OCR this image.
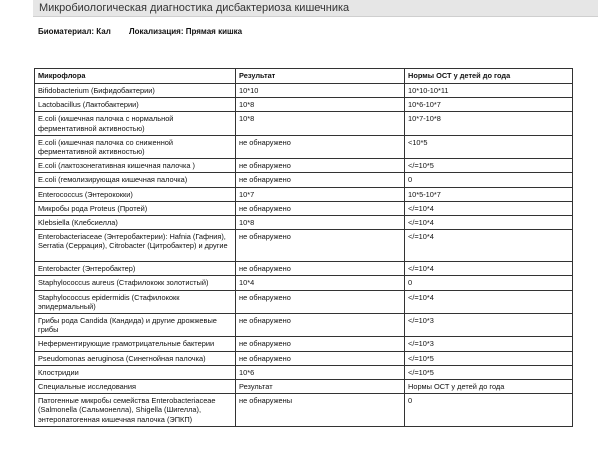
Микробиологическая диагностика дисбактериоза кишечника
Биоматериал: Кал Локализация: Прямая кишка
Микрофлора	Результат	Нормы ОСТ у детей до года
Bifidobacterium (Бифидобактерии)	10*10	10*10-10*11
Lactobacillus (Лактобактерии)	10*8	10*6-10*7
E.coli (кишечная палочка с нормальной ферментативной активностью)	10*8	10*7-10*8
E.coli (кишечная палочка со сниженной ферментативной активностью)	не обнаружено	<10*5
E.coli (лактозонегативная кишечная палочка )	не обнаружено	</=10*5
E.coli (гемолизирующая кишечная палочка)	не обнаружено	0
Enterococcus (Энтерококки)	10*7	10*5-10*7
Микробы рода Proteus (Протей)	не обнаружено	</=10*4
Klebsiella (Клебсиелла)	10*8	</=10*4
Enterobacteriaceae (Энтеробактерии): Hafnia (Гафния), Serratia (Серрация), Citrobacter (Цитробактер) и другие	не обнаружено	</=10*4
Enterobacter (Энтеробактер)	не обнаружено	</=10*4
Staphylococcus aureus (Стафилококк золотистый)	10*4	0
Staphylococcus epidermidis (Стафилококк эпидермальный)	не обнаружено	</=10*4
Грибы рода Candida (Кандида) и другие дрожжевые грибы	не обнаружено	</=10*3
Неферментирующие грамотрицательные бактерии	не обнаружено	</=10*3
Pseudomonas aeruginosa (Синегнойная палочка)	не обнаружено	</=10*5
Клостридии	10*6	</=10*5
Специальные исследования	Результат	Нормы ОСТ у детей до года
Патогенные микробы семейства Enterobacteriaceae (Salmonella (Сальмонелла), Shigella (Шигелла), энтеропатогенная кишечная палочка (ЭПКП)	не обнаружены	0
